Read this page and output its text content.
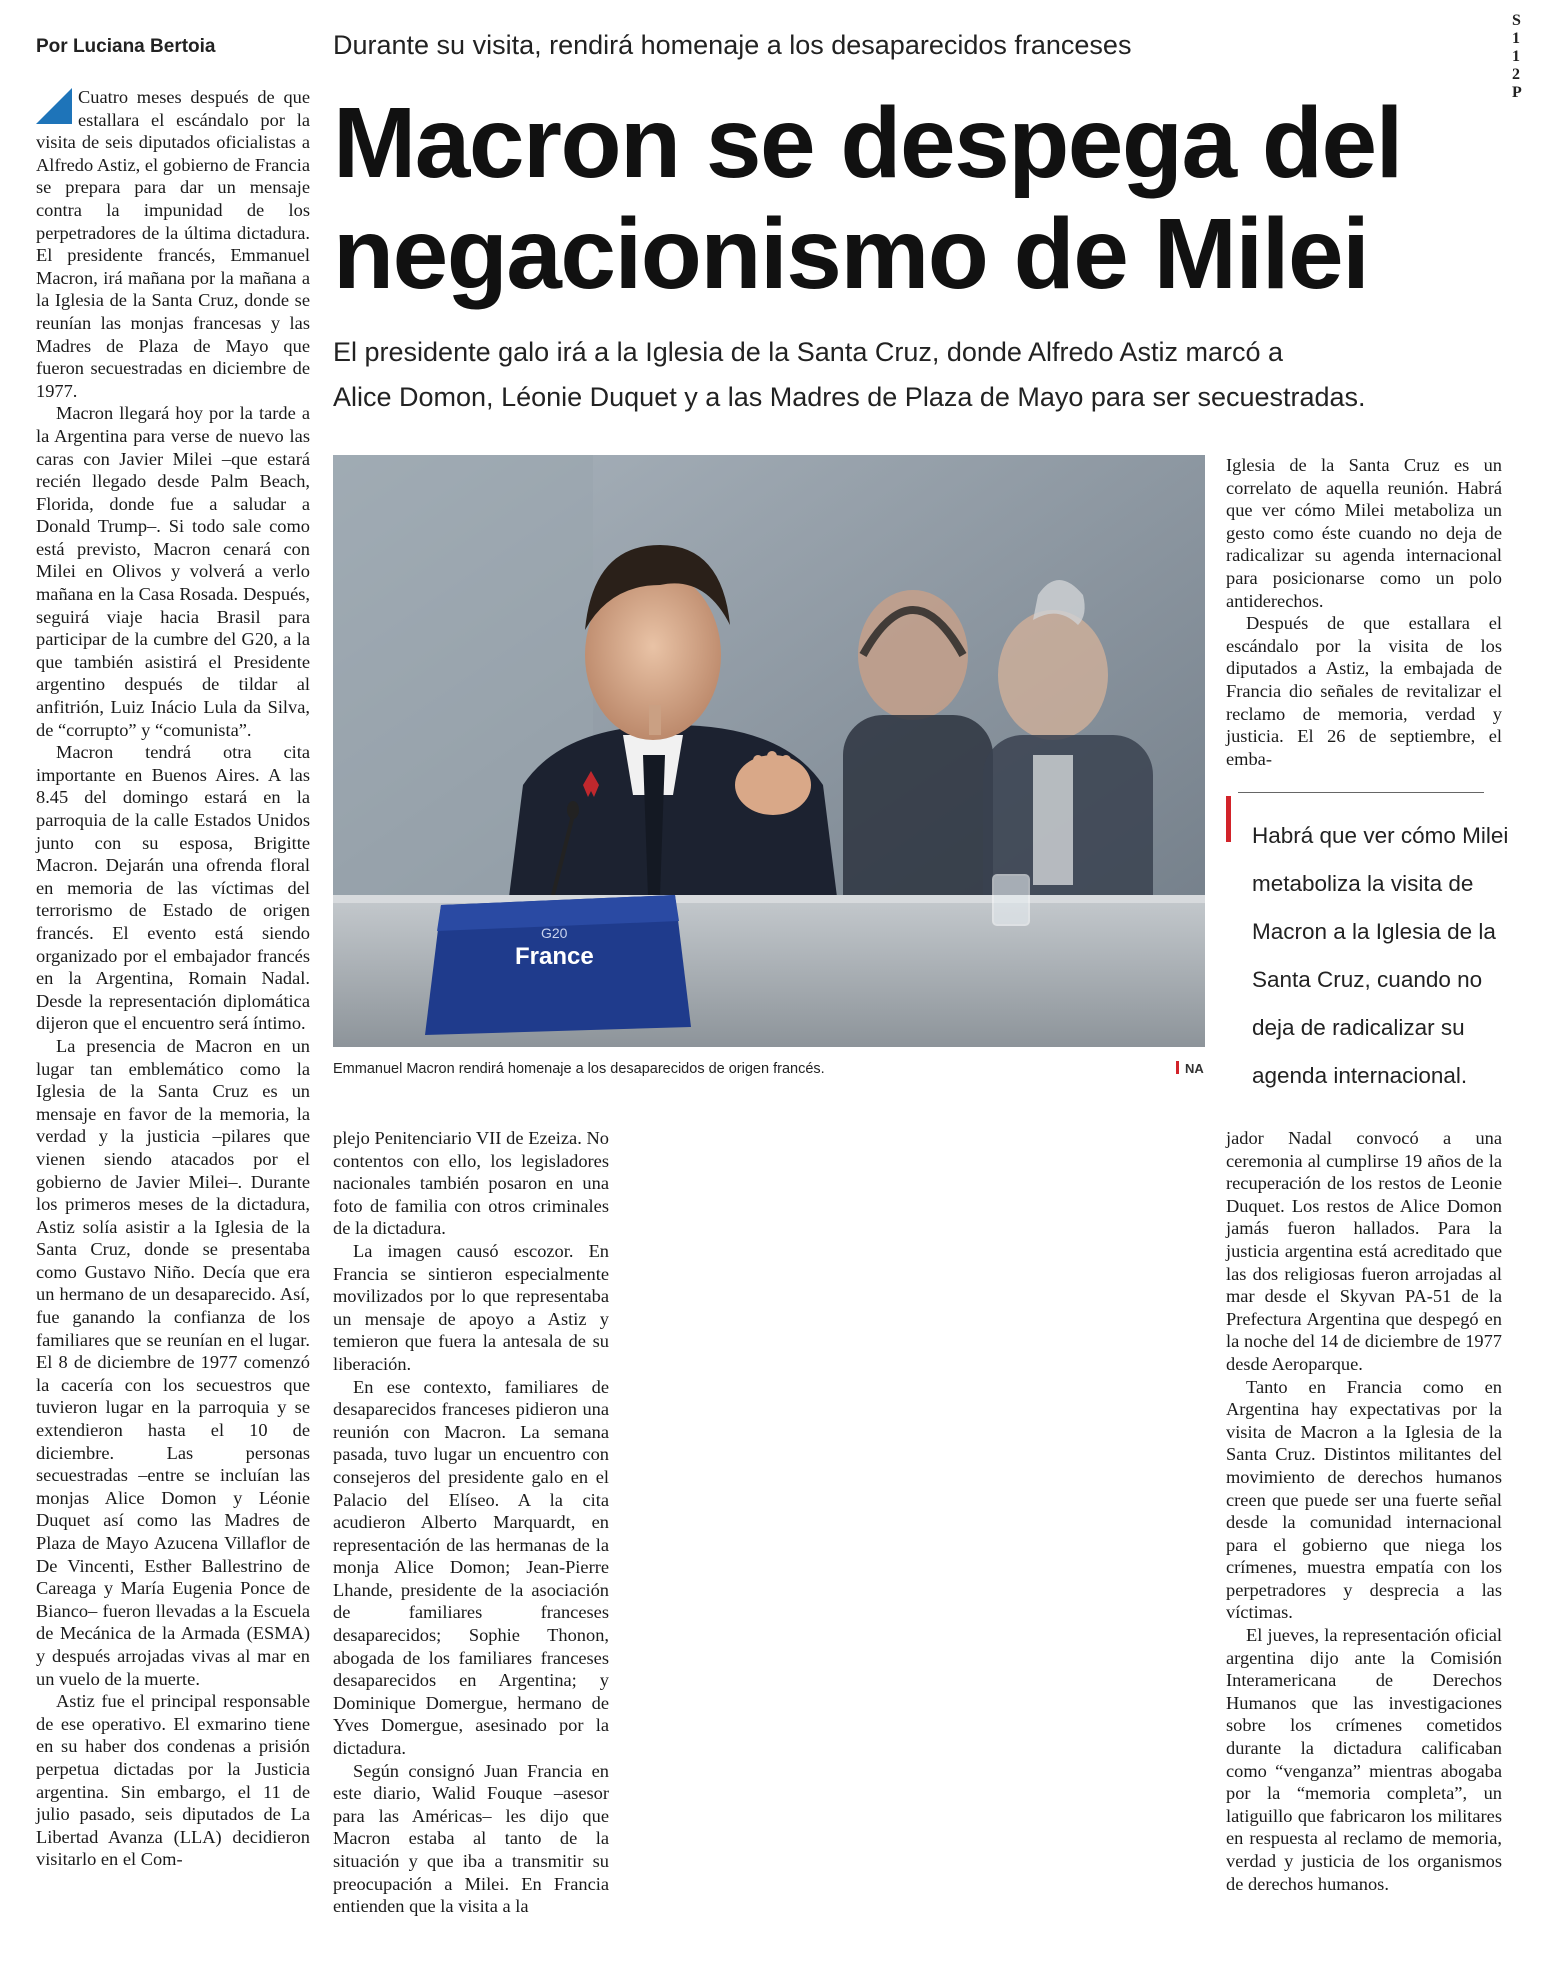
Por Luciana Bertoia	Durante su visita, rendirá homenaje a los desaparecidos franceses
Macron se despega del
negacionismo de Milei
El presidente galo irá a la Iglesia de la Santa Cruz, donde Alfredo Astiz marcó a
Alice Domon, Léonie Duquet y a las Madres de Plaza de Mayo para ser secuestradas.

Cuatro meses después de que estallara el escándalo por la visita de seis diputados oficialistas a Alfredo Astiz, el gobierno de Francia se prepara para dar un mensaje contra la impunidad de los perpetradores de la última dictadura. El presidente francés, Emmanuel Macron, irá mañana por la mañana a la Iglesia de la Santa Cruz, donde se reunían las monjas francesas y las Madres de Plaza de Mayo que fueron secuestradas en diciembre de 1977.

Macron llegará hoy por la tarde a la Argentina para verse de nuevo las caras con Javier Milei –que estará recién llegado desde Palm Beach, Florida, donde fue a saludar a Donald Trump–. Si todo sale como está previsto, Macron cenará con Milei en Olivos y volverá a verlo mañana en la Casa Rosada. Después, seguirá viaje hacia Brasil para participar de la cumbre del G20, a la que también asistirá el Presidente argentino después de tildar al anfitrión, Luiz Inácio Lula da Silva, de “corrupto” y “comunista”.

Macron tendrá otra cita importante en Buenos Aires. A las 8.45 del domingo estará en la parroquia de la calle Estados Unidos junto con su esposa, Brigitte Macron. Dejarán una ofrenda floral en memoria de las víctimas del terrorismo de Estado de origen francés. El evento está siendo organizado por el embajador francés en la Argentina, Romain Nadal. Desde la representación diplomática dijeron que el encuentro será íntimo.

La presencia de Macron en un lugar tan emblemático como la Iglesia de la Santa Cruz es un mensaje en favor de la memoria, la verdad y la justicia –pilares que vienen siendo atacados por el gobierno de Javier Milei–. Durante los primeros meses de la dictadura, Astiz solía asistir a la Iglesia de la Santa Cruz, donde se presentaba como Gustavo Niño. Decía que era un hermano de un desaparecido. Así, fue ganando la confianza de los familiares que se reunían en el lugar. El 8 de diciembre de 1977 comenzó la cacería con los secuestros que tuvieron lugar en la parroquia y se extendieron hasta el 10 de diciembre. Las personas secuestradas –entre se incluían las monjas Alice Domon y Léonie Duquet así como las Madres de Plaza de Mayo Azucena Villaflor de De Vincenti, Esther Ballestrino de Careaga y María Eugenia Ponce de Bianco– fueron llevadas a la Escuela de Mecánica de la Armada (ESMA) y después arrojadas vivas al mar en un vuelo de la muerte.

Astiz fue el principal responsable de ese operativo. El exmarino tiene en su haber dos condenas a prisión perpetua dictadas por la Justicia argentina. Sin embargo, el 11 de julio pasado, seis diputados de La Libertad Avanza (LLA) decidieron visitarlo en el Com-

G20
France
Emmanuel Macron rendirá homenaje a los desaparecidos de origen francés.	NA

plejo Penitenciario VII de Ezeiza. No contentos con ello, los legisladores nacionales también posaron en una foto de familia con otros criminales de la dictadura.

La imagen causó escozor. En Francia se sintieron especialmente movilizados por lo que representaba un mensaje de apoyo a Astiz y temieron que fuera la antesala de su liberación.

En ese contexto, familiares de desaparecidos franceses pidieron una reunión con Macron. La semana pasada, tuvo lugar un encuentro con consejeros del presidente galo en el Palacio del Elíseo. A la cita acudieron Alberto Marquardt, en representación de las hermanas de la monja Alice Domon; Jean-Pierre Lhande, presidente de la asociación de familiares franceses desaparecidos; Sophie Thonon, abogada de los familiares franceses desaparecidos en Argentina; y Dominique Domergue, hermano de Yves Domergue, asesinado por la dictadura.

Según consignó Juan Francia en este diario, Walid Fouque –asesor para las Américas– les dijo que Macron estaba al tanto de la situación y que iba a transmitir su preocupación a Milei. En Francia entienden que la visita a la

Iglesia de la Santa Cruz es un correlato de aquella reunión. Habrá que ver cómo Milei metaboliza un gesto como éste cuando no deja de radicalizar su agenda internacional para posicionarse como un polo antiderechos.

Después de que estallara el escándalo por la visita de los diputados a Astiz, la embajada de Francia dio señales de revitalizar el reclamo de memoria, verdad y justicia. El 26 de septiembre, el emba-

Habrá que ver cómo Milei
metaboliza la visita de
Macron a la Iglesia de la
Santa Cruz, cuando no
deja de radicalizar su
agenda internacional.

jador Nadal convocó a una ceremonia al cumplirse 19 años de la recuperación de los restos de Leonie Duquet. Los restos de Alice Domon jamás fueron hallados. Para la justicia argentina está acreditado que las dos religiosas fueron arrojadas al mar desde el Skyvan PA-51 de la Prefectura Argentina que despegó en la noche del 14 de diciembre de 1977 desde Aeroparque.

Tanto en Francia como en Argentina hay expectativas por la visita de Macron a la Iglesia de la Santa Cruz. Distintos militantes del movimiento de derechos humanos creen que puede ser una fuerte señal desde la comunidad internacional para el gobierno que niega los crímenes, muestra empatía con los perpetradores y desprecia a las víctimas.

El jueves, la representación oficial argentina dijo ante la Comisión Interamericana de Derechos Humanos que las investigaciones sobre los crímenes cometidos durante la dictadura calificaban como “venganza” mientras abogaba por la “memoria completa”, un latiguillo que fabricaron los militares en respuesta al reclamo de memoria, verdad y justicia de los organismos de derechos humanos.

S
1
1
2
P
